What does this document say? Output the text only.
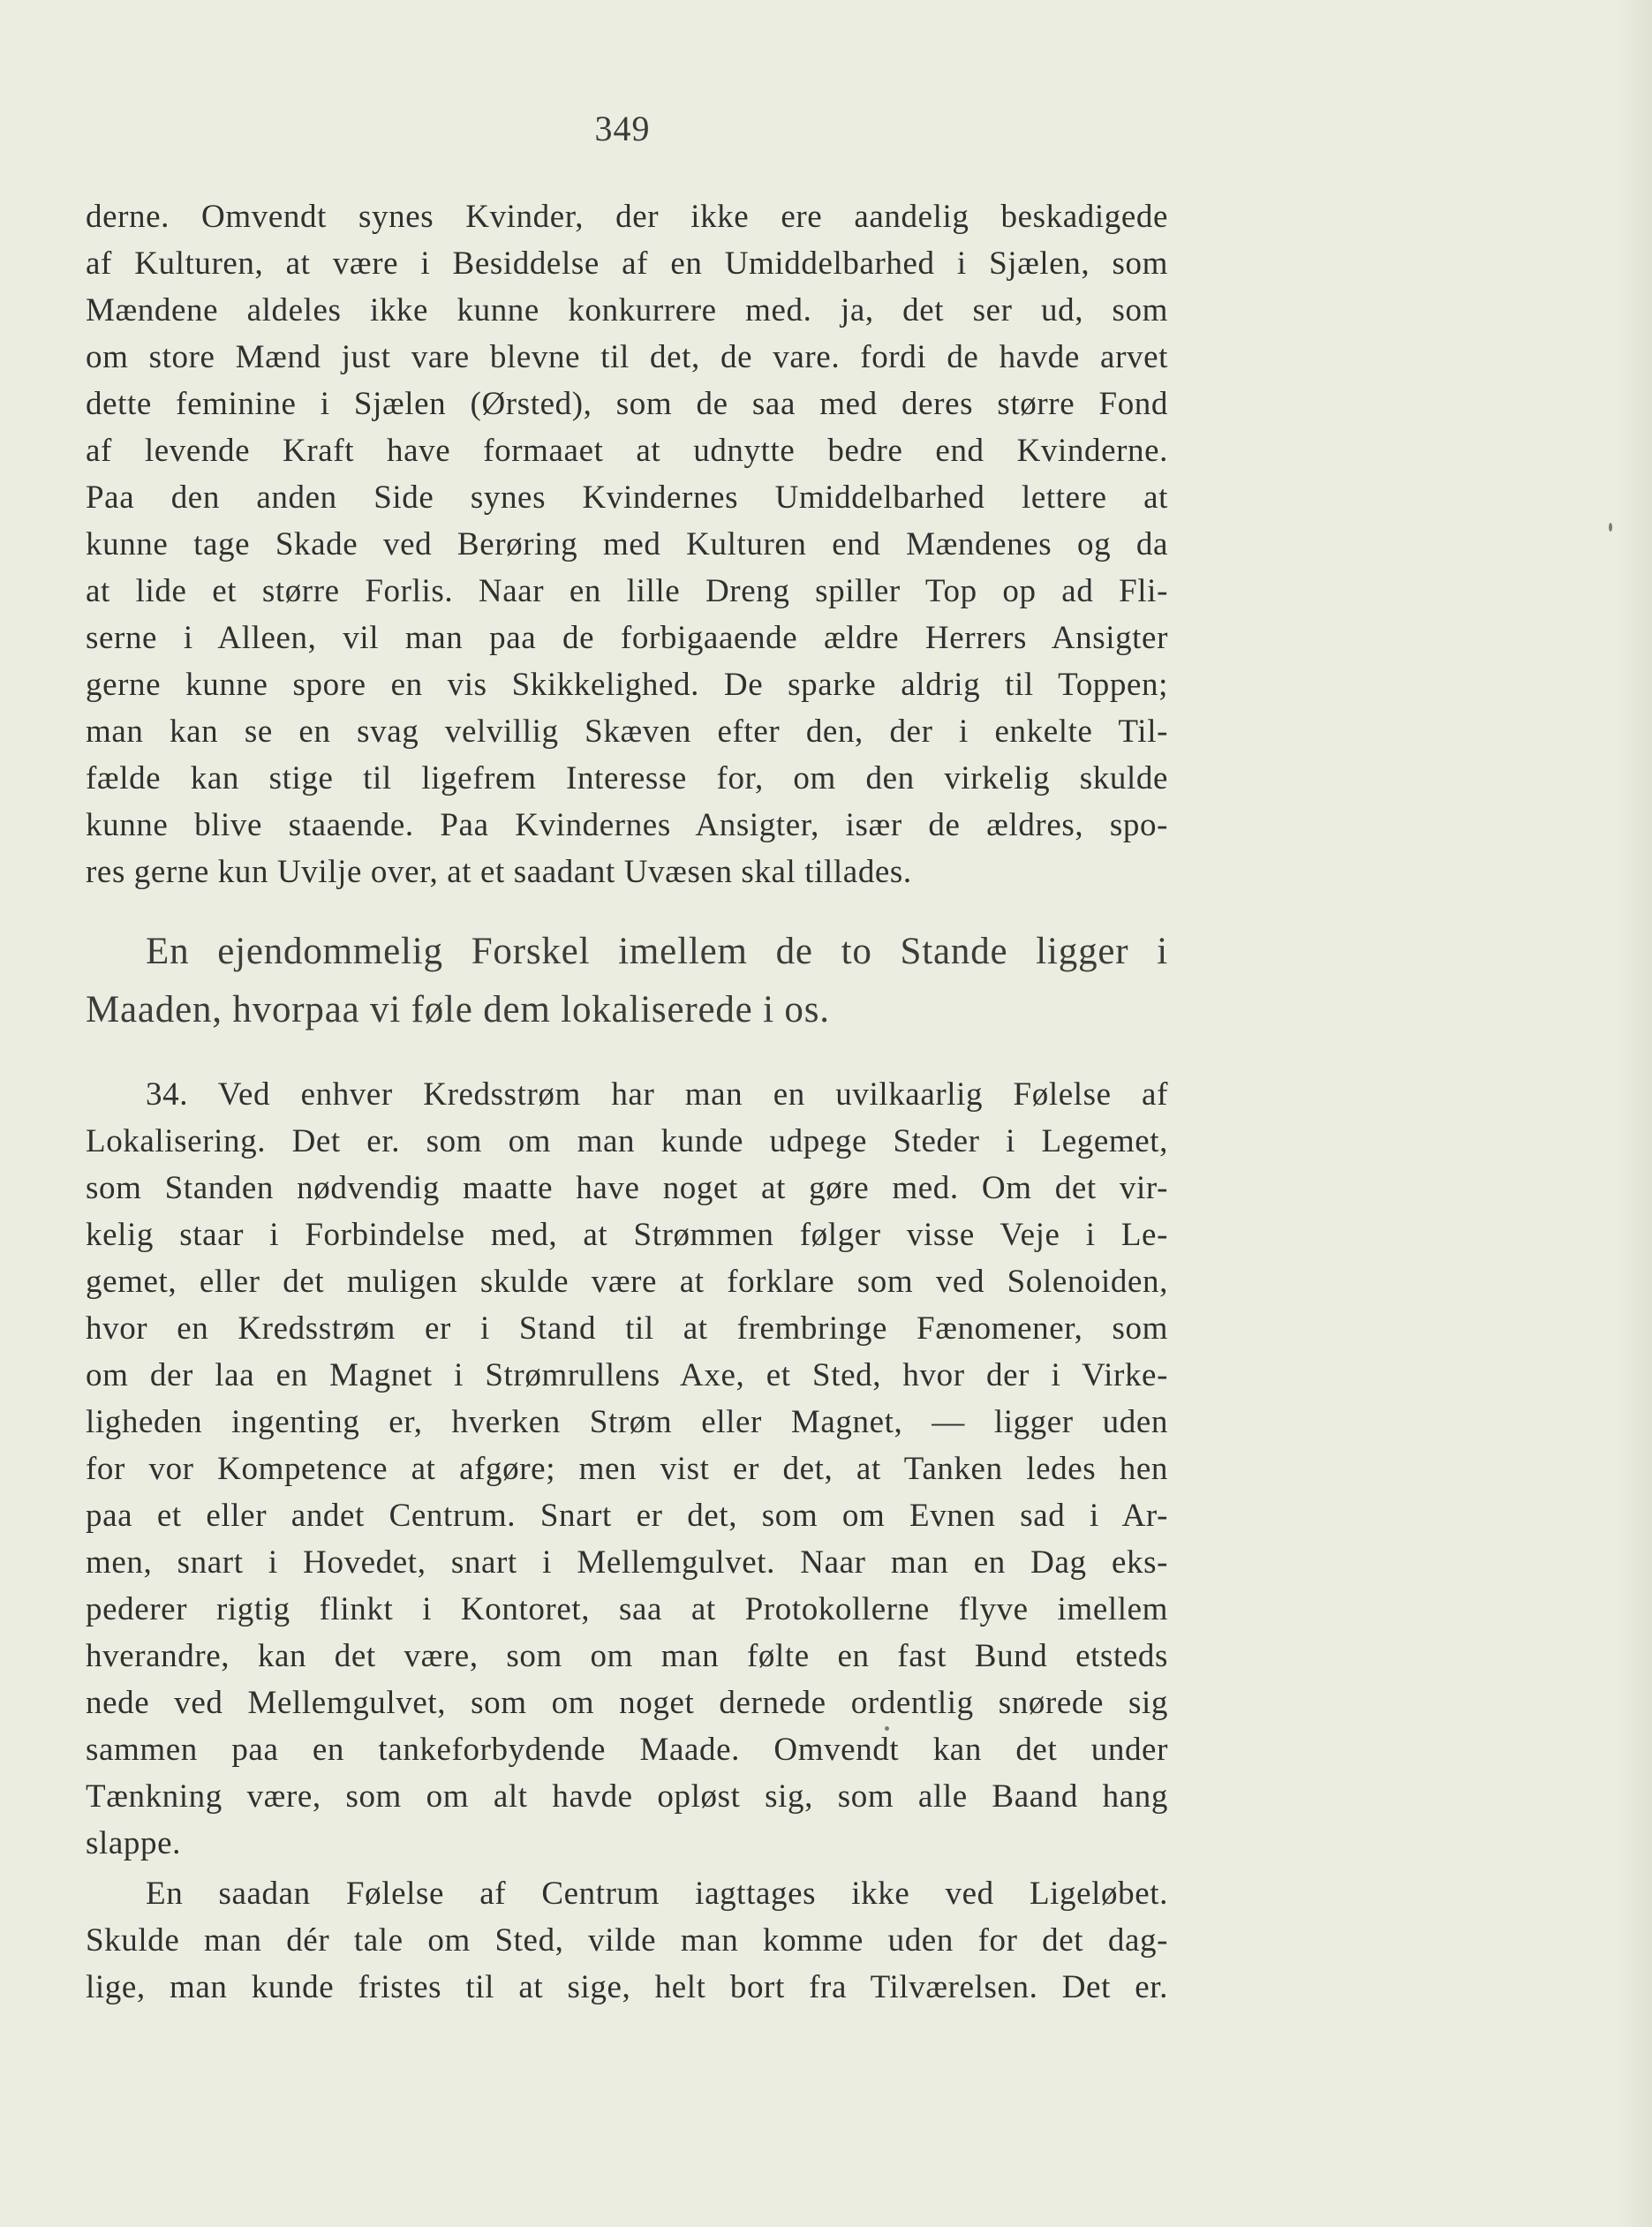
349
derne. Omvendt synes Kvinder, der ikke ere aandelig beskadigede
af Kulturen, at være i Besiddelse af en Umiddelbarhed i Sjælen, som
Mændene aldeles ikke kunne konkurrere med. ja, det ser ud, som
om store Mænd just vare blevne til det, de vare. fordi de havde arvet
dette feminine i Sjælen (Ørsted), som de saa med deres større Fond
af levende Kraft have formaaet at udnytte bedre end Kvinderne.
Paa den anden Side synes Kvindernes Umiddelbarhed lettere at
kunne tage Skade ved Berøring med Kulturen end Mændenes og da
at lide et større Forlis. Naar en lille Dreng spiller Top op ad Fli-
serne i Alleen, vil man paa de forbigaaende ældre Herrers Ansigter
gerne kunne spore en vis Skikkelighed. De sparke aldrig til Toppen;
man kan se en svag velvillig Skæven efter den, der i enkelte Til-
fælde kan stige til ligefrem Interesse for, om den virkelig skulde
kunne blive staaende. Paa Kvindernes Ansigter, især de ældres, spo-
res gerne kun Uvilje over, at et saadant Uvæsen skal tillades.
En ejendommelig Forskel imellem de to Stande ligger i
Maaden, hvorpaa vi føle dem lokaliserede i os.
34. Ved enhver Kredsstrøm har man en uvilkaarlig Følelse af
Lokalisering. Det er. som om man kunde udpege Steder i Legemet,
som Standen nødvendig maatte have noget at gøre med. Om det vir-
kelig staar i Forbindelse med, at Strømmen følger visse Veje i Le-
gemet, eller det muligen skulde være at forklare som ved Solenoiden,
hvor en Kredsstrøm er i Stand til at frembringe Fænomener, som
om der laa en Magnet i Strømrullens Axe, et Sted, hvor der i Virke-
ligheden ingenting er, hverken Strøm eller Magnet, — ligger uden
for vor Kompetence at afgøre; men vist er det, at Tanken ledes hen
paa et eller andet Centrum. Snart er det, som om Evnen sad i Ar-
men, snart i Hovedet, snart i Mellemgulvet. Naar man en Dag eks-
pederer rigtig flinkt i Kontoret, saa at Protokollerne flyve imellem
hverandre, kan det være, som om man følte en fast Bund etsteds
nede ved Mellemgulvet, som om noget dernede ordentlig snørede sig
sammen paa en tankeforbydende Maade. Omvendt kan det under
Tænkning være, som om alt havde opløst sig, som alle Baand hang
slappe.
En saadan Følelse af Centrum iagttages ikke ved Ligeløbet.
Skulde man dér tale om Sted, vilde man komme uden for det dag-
lige, man kunde fristes til at sige, helt bort fra Tilværelsen. Det er.
